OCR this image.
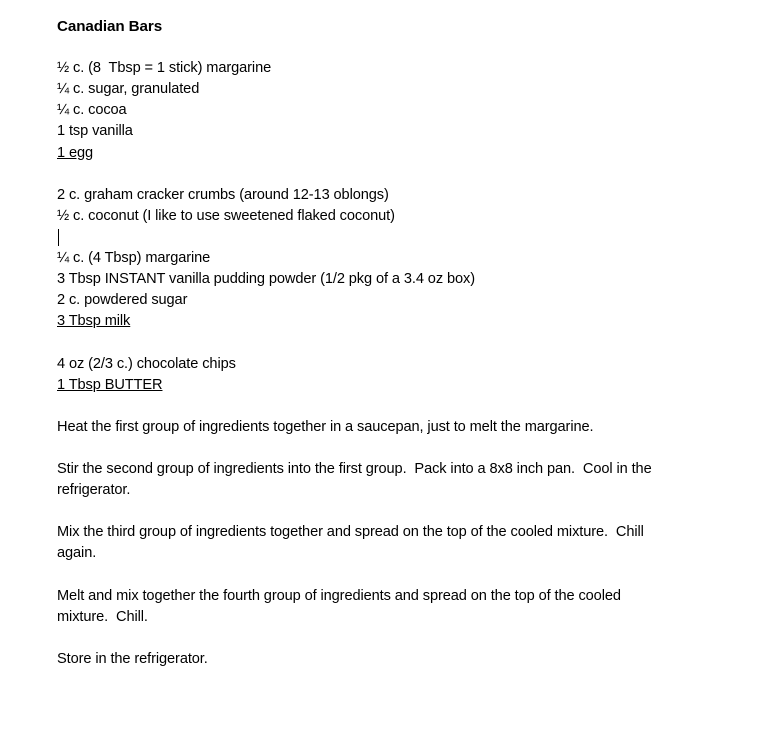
Canadian Bars
½ c. (8  Tbsp = 1 stick) margarine
¼ c. sugar, granulated
¼ c. cocoa
1 tsp vanilla
1 egg
2 c. graham cracker crumbs (around 12-13 oblongs)
½ c. coconut (I like to use sweetened flaked coconut)

¼ c. (4 Tbsp) margarine
3 Tbsp INSTANT vanilla pudding powder (1/2 pkg of a 3.4 oz box)
2 c. powdered sugar
3 Tbsp milk
4 oz (2/3 c.) chocolate chips
1 Tbsp BUTTER
Heat the first group of ingredients together in a saucepan, just to melt the margarine.
Stir the second group of ingredients into the first group.  Pack into a 8x8 inch pan.  Cool in the
refrigerator.
Mix the third group of ingredients together and spread on the top of the cooled mixture.  Chill
again.
Melt and mix together the fourth group of ingredients and spread on the top of the cooled
mixture.  Chill.
Store in the refrigerator.
